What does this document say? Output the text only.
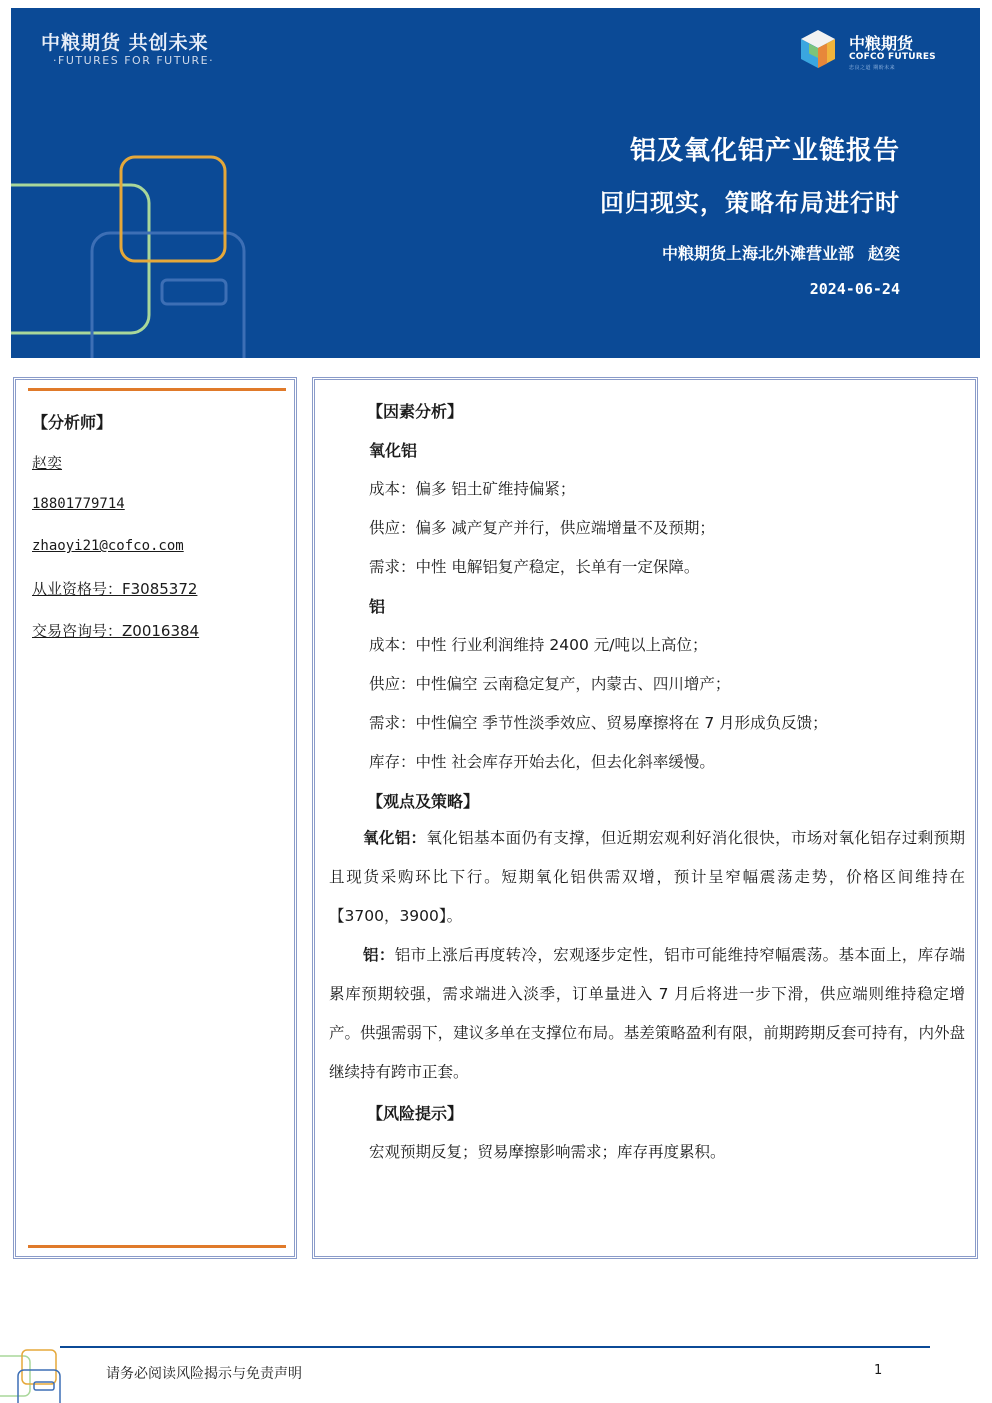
中粮期货 共创未来
·FUTURES FOR FUTURE·
中粮期货
COFCO FUTURES
忠良之道 期盼未来
铝及氧化铝产业链报告
回归现实，策略布局进行时
中粮期货上海北外滩营业部 赵奕
2024-06-24
【分析师】
赵奕
18801779714
zhaoyi21@cofco.com
从业资格号：F3085372
交易咨询号：Z0016384
【因素分析】
氧化铝
成本：偏多 铝土矿维持偏紧；
供应：偏多 减产复产并行，供应端增量不及预期；
需求：中性 电解铝复产稳定，长单有一定保障。
铝
成本：中性 行业利润维持 2400 元/吨以上高位；
供应：中性偏空 云南稳定复产，内蒙古、四川增产；
需求：中性偏空 季节性淡季效应、贸易摩擦将在 7 月形成负反馈；
库存：中性 社会库存开始去化，但去化斜率缓慢。
【观点及策略】
氧化铝：氧化铝基本面仍有支撑，但近期宏观利好消化很快，市场对氧化铝存过剩预期且现货采购环比下行。短期氧化铝供需双增，预计呈窄幅震荡走势，价格区间维持在【3700，3900】。
铝：铝市上涨后再度转冷，宏观逐步定性，铝市可能维持窄幅震荡。基本面上，库存端累库预期较强，需求端进入淡季，订单量进入 7 月后将进一步下滑，供应端则维持稳定增产。供强需弱下，建议多单在支撑位布局。基差策略盈利有限，前期跨期反套可持有，内外盘继续持有跨市正套。
【风险提示】
宏观预期反复；贸易摩擦影响需求；库存再度累积。
请务必阅读风险揭示与免责声明	1
